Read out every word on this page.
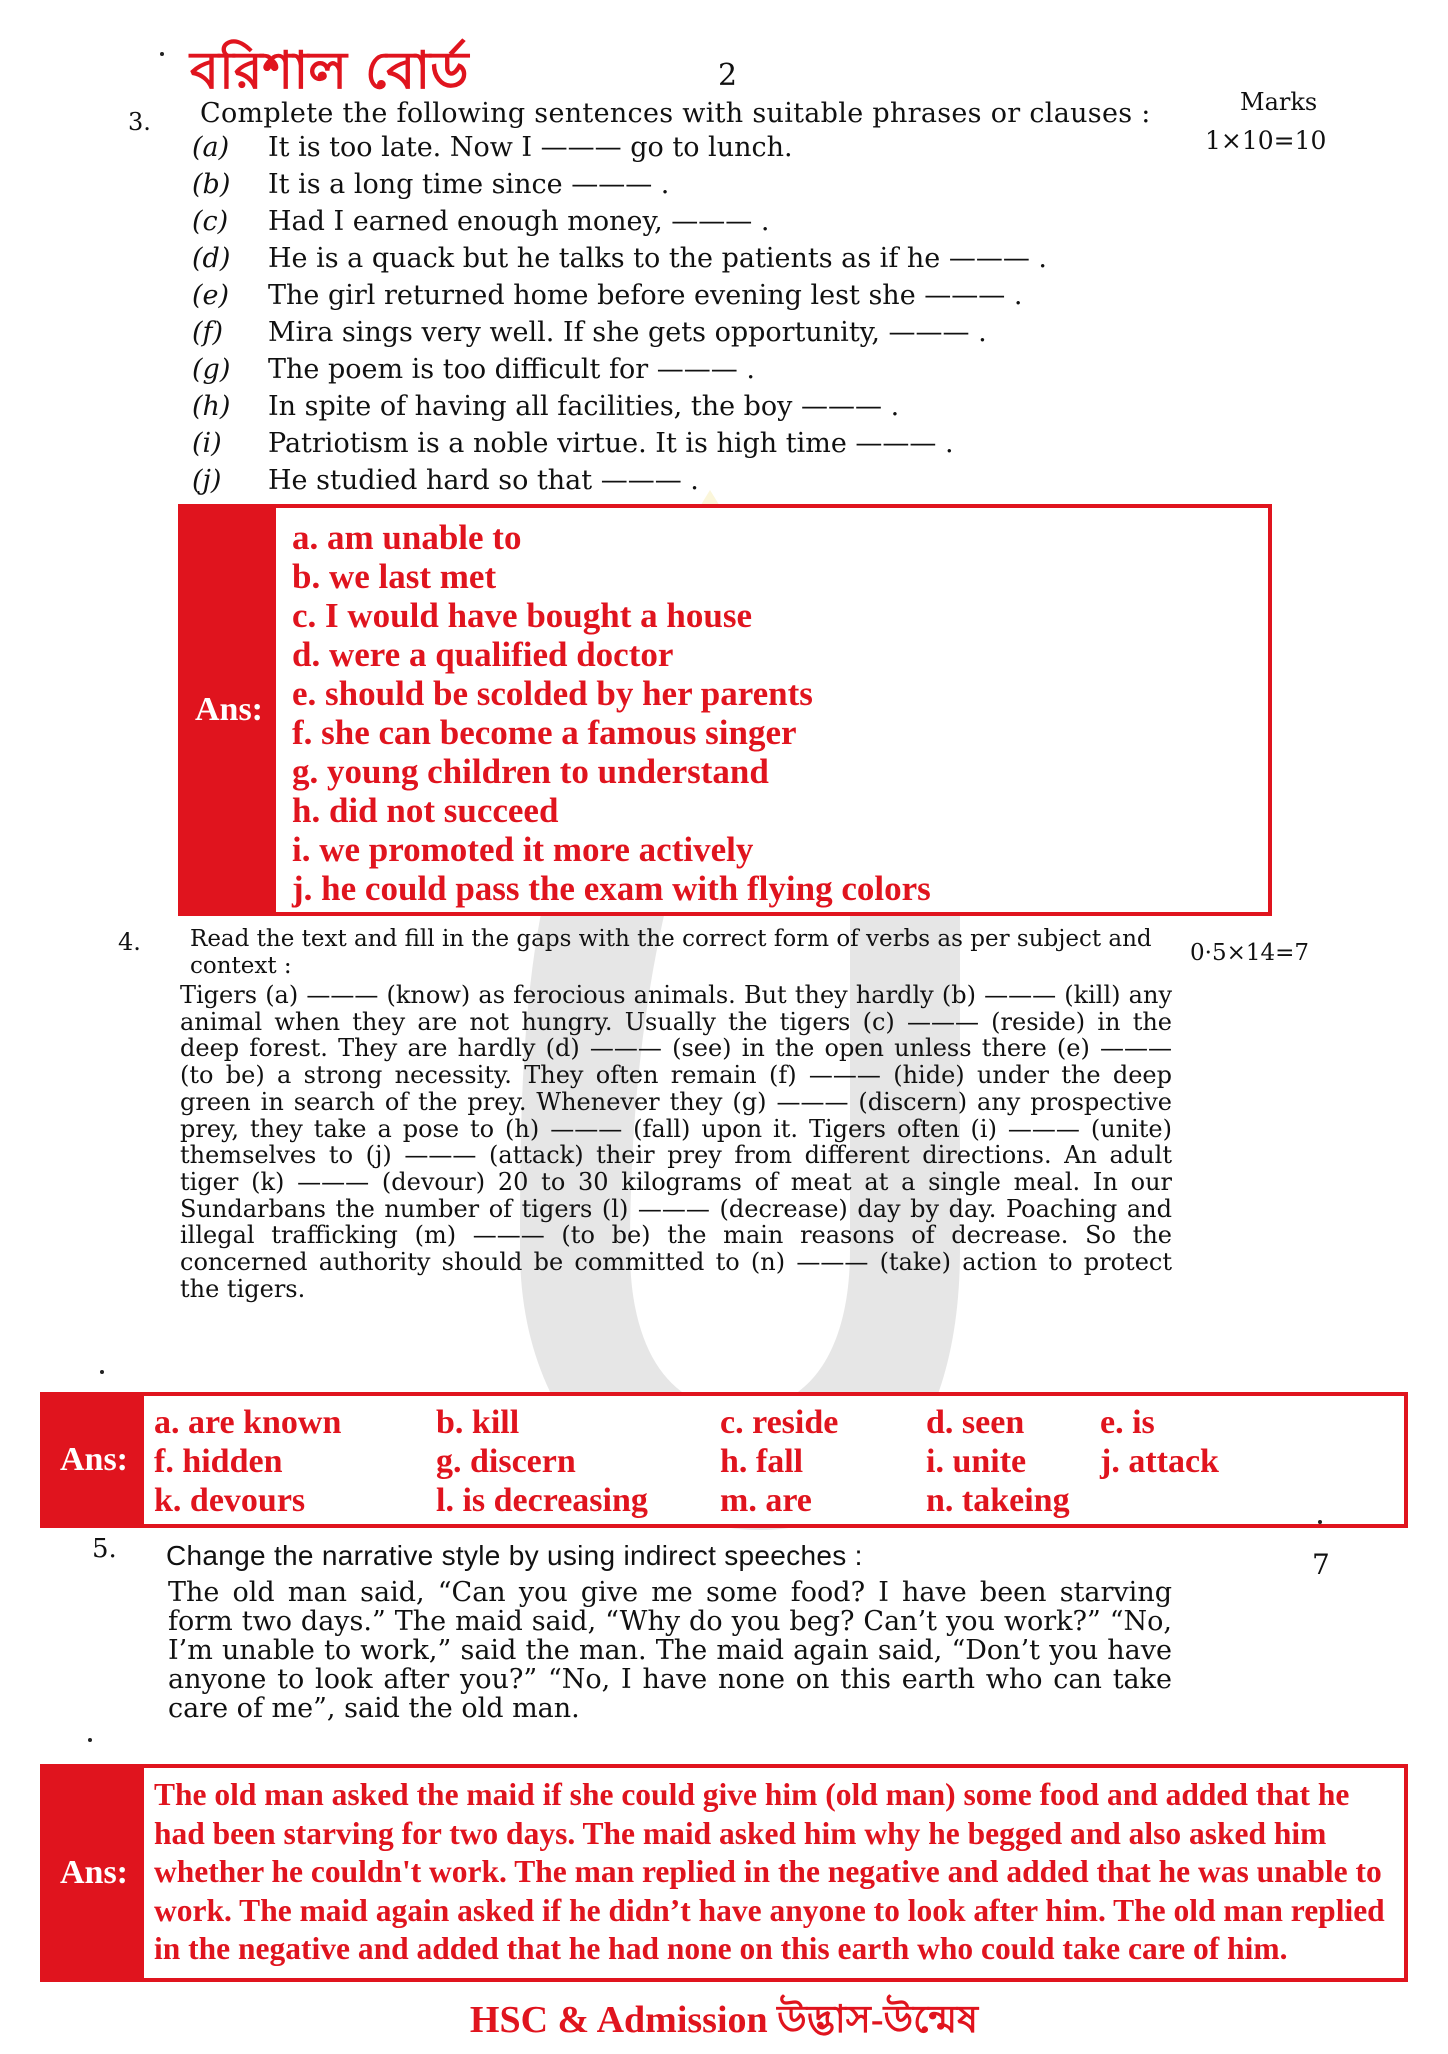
বরিশাল বোর্ড	2
Marks
3. Complete the following sentences with suitable phrases or clauses :
1×10=10
(a) It is too late. Now I ——— go to lunch.
(b) It is a long time since ——— .
(c) Had I earned enough money, ——— .
(d) He is a quack but he talks to the patients as if he ——— .
(e) The girl returned home before evening lest she ——— .
(f) Mira sings very well. If she gets opportunity, ——— .
(g) The poem is too difficult for ——— .
(h) In spite of having all facilities, the boy ——— .
(i) Patriotism is a noble virtue. It is high time ——— .
(j) He studied hard so that ——— .
Ans:
a. am unable to
b. we last met
c. I would have bought a house
d. were a qualified doctor
e. should be scolded by her parents
f. she can become a famous singer
g. young children to understand
h. did not succeed
i. we promoted it more actively
j. he could pass the exam with flying colors
4. Read the text and fill in the gaps with the correct form of verbs as per subject and context :	0·5×14=7
Tigers (a) ——— (know) as ferocious animals. But they hardly (b) ——— (kill) any animal when they are not hungry. Usually the tigers (c) ——— (reside) in the deep forest. They are hardly (d) ——— (see) in the open unless there (e) ——— (to be) a strong necessity. They often remain (f) ——— (hide) under the deep green in search of the prey. Whenever they (g) ——— (discern) any prospective prey, they take a pose to (h) ——— (fall) upon it. Tigers often (i) ——— (unite) themselves to (j) ——— (attack) their prey from different directions. An adult tiger (k) ——— (devour) 20 to 30 kilograms of meat at a single meal. In our Sundarbans the number of tigers (l) ——— (decrease) day by day. Poaching and illegal trafficking (m) ——— (to be) the main reasons of decrease. So the concerned authority should be committed to (n) ——— (take) action to protect the tigers.
Ans:
a. are known	b. kill	c. reside	d. seen e. is
f. hidden	g. discern	h. fall	i. unite j. attack
k. devours	l. is decreasing m. are	n. takeing
5. Change the narrative style by using indirect speeches :	7
The old man said, “Can you give me some food? I have been starving form two days.” The maid said, “Why do you beg? Can’t you work?” “No, I’m unable to work,” said the man. The maid again said, “Don’t you have anyone to look after you?” “No, I have none on this earth who can take care of me”, said the old man.
Ans:
The old man asked the maid if she could give him (old man) some food and added that he had been starving for two days. The maid asked him why he begged and also asked him whether he couldn't work. The man replied in the negative and added that he was unable to work. The maid again asked if he didn’t have anyone to look after him. The old man replied in the negative and added that he had none on this earth who could take care of him.
HSC & Admission উদ্ভাস-উন্মেষ
